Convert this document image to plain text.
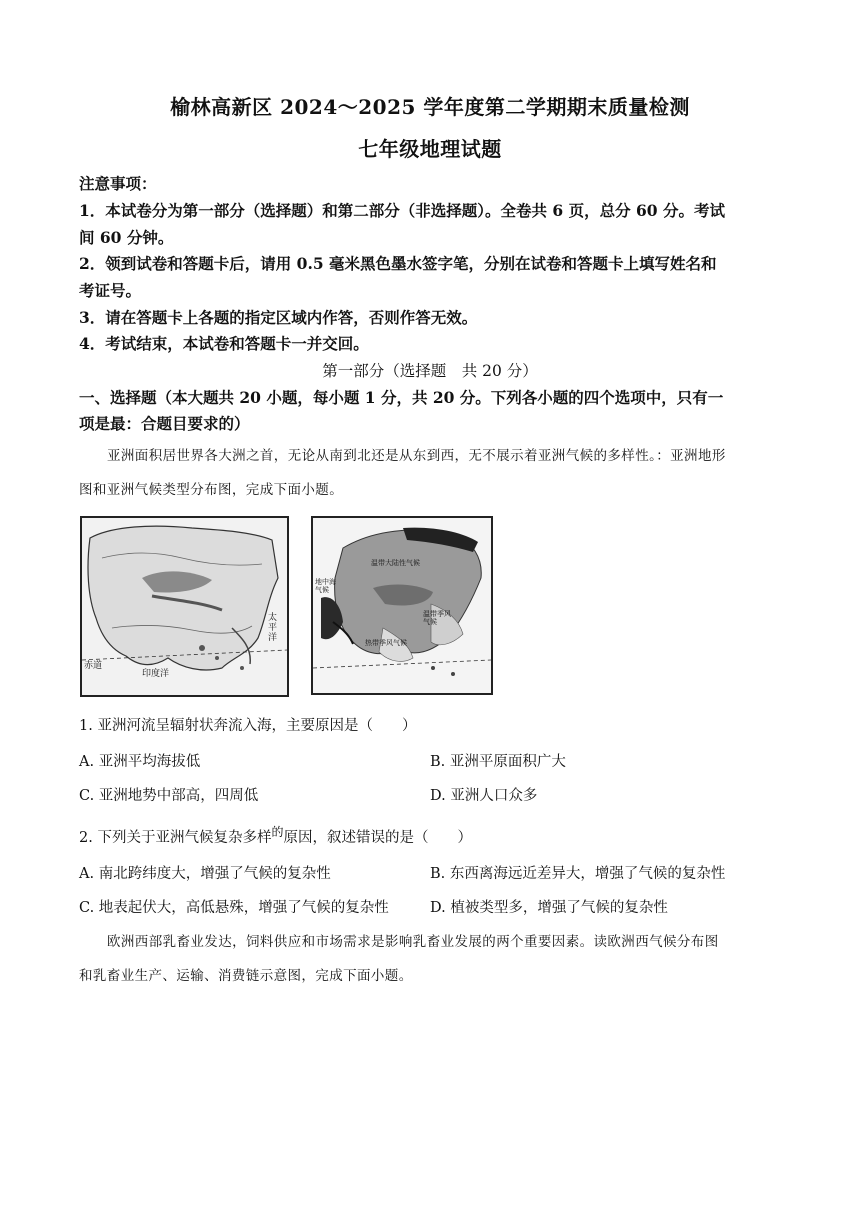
榆林高新区 2024～2025 学年度第二学期期末质量检测
七年级地理试题
注意事项：
1．本试卷分为第一部分（选择题）和第二部分（非选择题）。全卷共 6 页，总分 60 分。考试
间 60 分钟。
2．领到试卷和答题卡后，请用 0.5 毫米黑色墨水签字笔，分别在试卷和答题卡上填写姓名和
考证号。
3．请在答题卡上各题的指定区域内作答，否则作答无效。
4．考试结束，本试卷和答题卡一并交回。
第一部分（选择题　共 20 分）
一、选择题（本大题共 20 小题，每小题 1 分，共 20 分。下列各小题的四个选项中，只有一
项是最：合题目要求的）
亚洲面积居世界各大洲之首，无论从南到北还是从东到西，无不展示着亚洲气候的多样性。：亚洲地形
图和亚洲气候类型分布图，完成下面小题。
太平洋
印度洋
赤道
温带大陆性气候
地中海气候
热带季风气候
温带季风气候
1. 亚洲河流呈辐射状奔流入海，主要原因是（　　）
A. 亚洲平均海拔低	B. 亚洲平原面积广大
C. 亚洲地势中部高，四周低	D. 亚洲人口众多
2. 下列关于亚洲气候复杂多样$^的$原因，叙述错误的是（　　）
A. 南北跨纬度大，增强了气候的复杂性	B. 东西离海远近差异大，增强了气候的复杂性
C. 地表起伏大，高低悬殊，增强了气候的复杂性	D. 植被类型多，增强了气候的复杂性
欧洲西部乳畜业发达，饲料供应和市场需求是影响乳畜业发展的两个重要因素。读欧洲西气候分布图
和乳畜业生产、运输、消费链示意图，完成下面小题。
